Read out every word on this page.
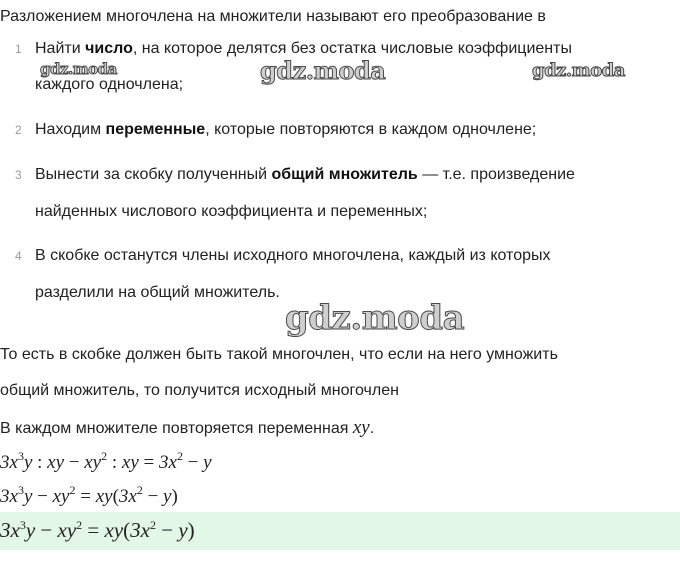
Разложением многочлена на множители называют его преобразование в
1 Найти число, на которое делятся без остатка числовые коэффициенты
каждого одночлена;
2 Находим переменные, которые повторяются в каждом одночлене;
3 Вынести за скобку полученный общий множитель — т.е. произведение
найденных числового коэффициента и переменных;
4 В скобке останутся члены исходного многочлена, каждый из которых
разделили на общий множитель.
То есть в скобке должен быть такой многочлен, что если на него умножить
общий множитель, то получится исходный многочлен
В каждом множителе повторяется переменная xy.
$3x^3y$ : xy − $xy^2$ : xy = $3x^2 - y$
$3x^3y - xy^2 = xy(3x^2 - y)$
$3x^3y - xy^2 = xy(3x^2 - y)$
gdz.moda	gdz.moda	gdz.moda
gdz.moda
